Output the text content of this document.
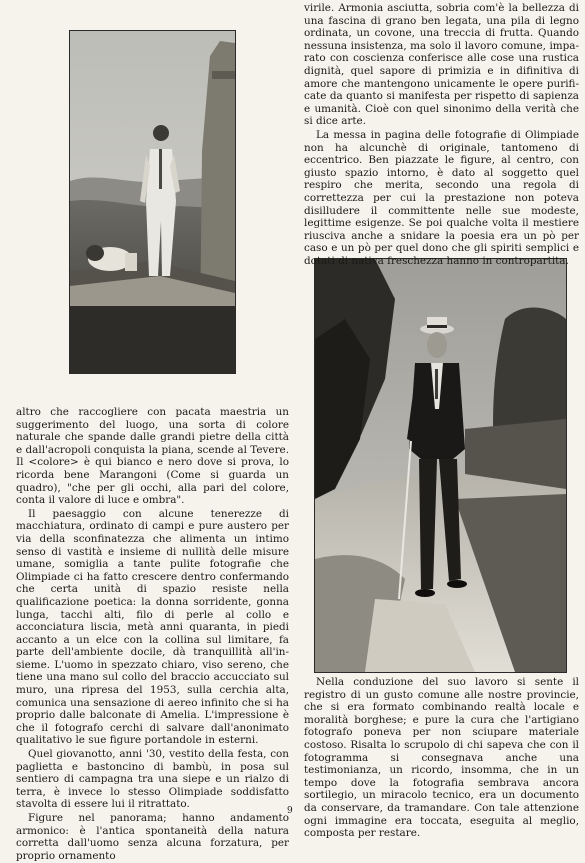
virile. Armonia asciutta, sobria com'è la bellezza di una fascina di grano ben legata, una pila di legno ordinata, un covone, una treccia di frutta. Quando nessuna insistenza, ma solo il lavoro comune, imparato con coscienza conferisce alle cose una rustica dignità, quel sapore di primizia e in difinitiva di amore che mantengono unicamente le opere purificate da quanto si manifesta per rispetto di sapienza e umanità. Cioè con quel sinonimo della verità che si dice arte.

La messa in pagina delle fotografie di Olimpiade non ha alcunchè di originale, tantomeno di eccentrico. Ben piazzate le figure, al centro, con giusto spazio intorno, è dato al soggetto quel respiro che merita, secondo una regola di correttezza per cui la prestazione non poteva disilludere il committente nelle sue modeste, legittime esigenze. Se poi qualche volta il mestiere riusciva anche a snidare la poesia era un pò per caso e un pò per quel dono che gli spiriti semplici e dotati di nativa freschezza hanno in contropartita.

altro che raccogliere con pacata maestria un suggerimento del luogo, una sorta di colore naturale che spande dalle grandi pietre della città e dall'acropoli conquista la piana, scende al Tevere. Il <colore> è qui bianco e nero dove si prova, lo ricorda bene Marangoni (Come si guarda un quadro), "che per gli occhi, alla pari del colore, conta il valore di luce e ombra".

Il paesaggio con alcune tenerezze di macchiatura, ordinato di campi e pure austero per via della sconfinatezza che alimenta un intimo senso di vastità e insieme di nullità delle misure umane, somiglia a tante pulite fotografie che Olimpiade ci ha fatto crescere dentro confermando che certa unità di spazio resiste nella qualificazione poetica: la donna sorridente, gonna lunga, tacchi alti, filo di perle al collo e acconciatura liscia, metà anni quaranta, in piedi accanto a un elce con la collina sul limitare, fa parte dell'ambiente docile, dà tranquillità all'insieme. L'uomo in spezzato chiaro, viso sereno, che tiene una mano sul collo del braccio accucciato sul muro, una ripresa del 1953, sulla cerchia alta, comunica una sensazione di aereo infinito che si ha proprio dalle balconate di Amelia. L'impressione è che il fotografo cerchi di salvare dall'anonimato qualitativo le sue figure portandole in esterni.

Quel giovanotto, anni '30, vestito della festa, con paglietta e bastoncino di bambù, in posa sul sentiero di campagna tra una siepe e un rialzo di terra, è invece lo stesso Olimpiade soddisfatto stavolta di essere lui il ritrattato.

Figure nel panorama; hanno andamento armonico: è l'antica spontaneità della natura corretta dall'uomo senza alcuna forzatura, per proprio ornamento

Nella conduzione del suo lavoro si sente il registro di un gusto comune alle nostre provincie, che si era formato combinando realtà locale e moralità borghese; e pure la cura che l'artigiano fotografo poneva per non sciupare materiale costoso. Risalta lo scrupolo di chi sapeva che con il fotogramma si consegnava anche una testimonianza, un ricordo, insomma, che in un tempo dove la fotografia sembrava ancora sortilegio, un miracolo tecnico, era un documento da conservare, da tramandare. Con tale attenzione ogni immagine era toccata, eseguita al meglio, composta per restare.

9
